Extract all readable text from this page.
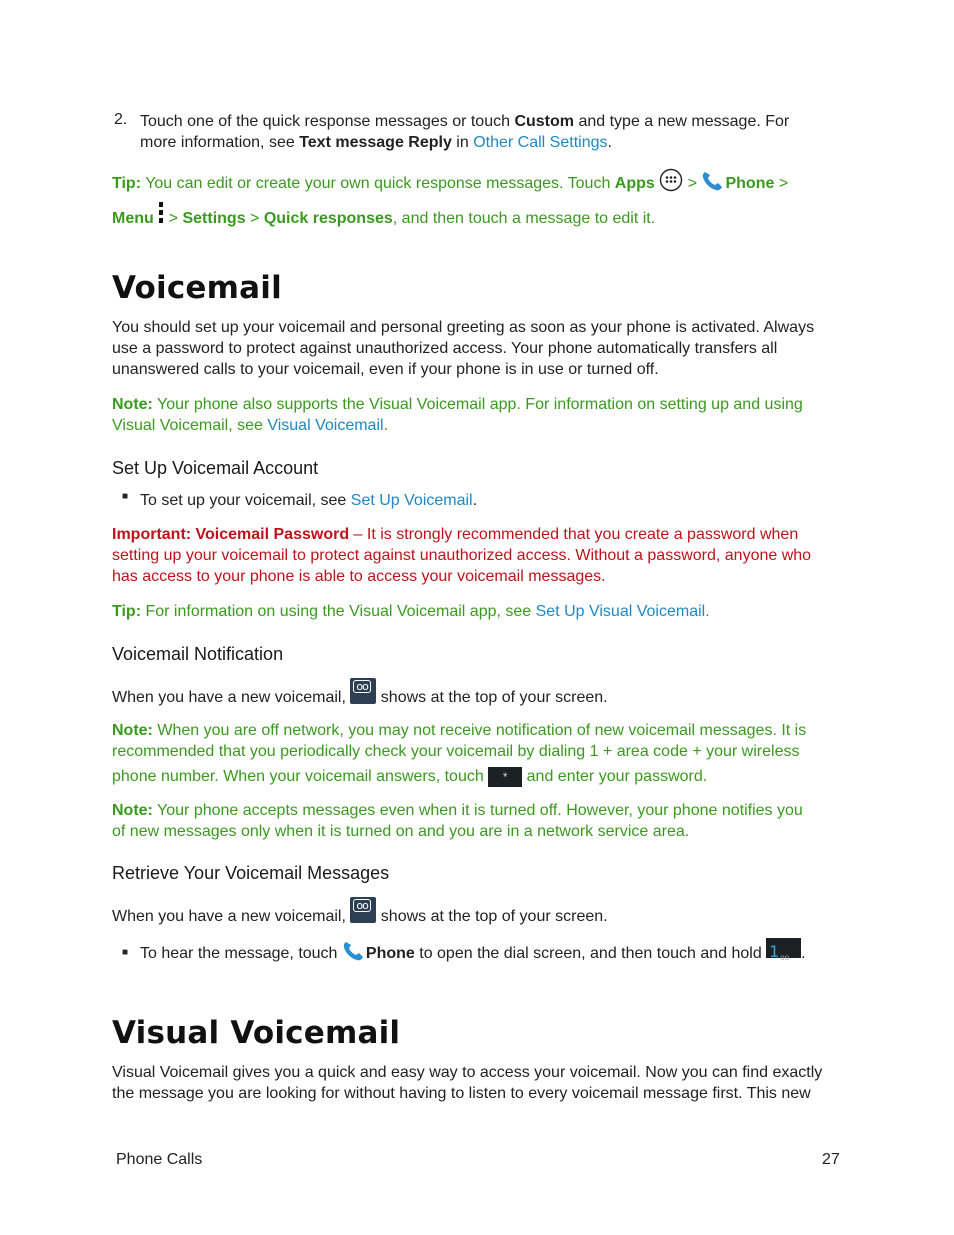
2. Touch one of the quick response messages or touch Custom and type a new message. For

more information, see Text message Reply in Other Call Settings.

Tip: You can edit or create your own quick response messages. Touch Apps  > Phone >

Menu  > Settings > Quick responses, and then touch a message to edit it.

Voicemail

You should set up your voicemail and personal greeting as soon as your phone is activated. Always

use a password to protect against unauthorized access. Your phone automatically transfers all

unanswered calls to your voicemail, even if your phone is in use or turned off.

Note: Your phone also supports the Visual Voicemail app. For information on setting up and using

Visual Voicemail, see Visual Voicemail.

Set Up Voicemail Account
■ To set up your voicemail, see Set Up Voicemail.

Important: Voicemail Password – It is strongly recommended that you create a password when

setting up your voicemail to protect against unauthorized access. Without a password, anyone who

has access to your phone is able to access your voicemail messages.

Tip: For information on using the Visual Voicemail app, see Set Up Visual Voicemail.

Voicemail Notification

When you have a new voicemail,
oo
shows at the top of your screen.

Note: When you are off network, you may not receive notification of new voicemail messages. It is

recommended that you periodically check your voicemail by dialing 1 + area code + your wireless

phone number. When your voicemail answers, touch * and enter your password.

Note: Your phone accepts messages even when it is turned off. However, your phone notifies you

of new messages only when it is turned on and you are in a network service area.

Retrieve Your Voicemail Messages

When you have a new voicemail,
oo
shows at the top of your screen.

■ To hear the message, touch Phone to open the dial screen, and then touch and hold 1 oo .

Visual Voicemail

Visual Voicemail gives you a quick and easy way to access your voicemail. Now you can find exactly

the message you are looking for without having to listen to every voicemail message first. This new

Phone Calls	27
